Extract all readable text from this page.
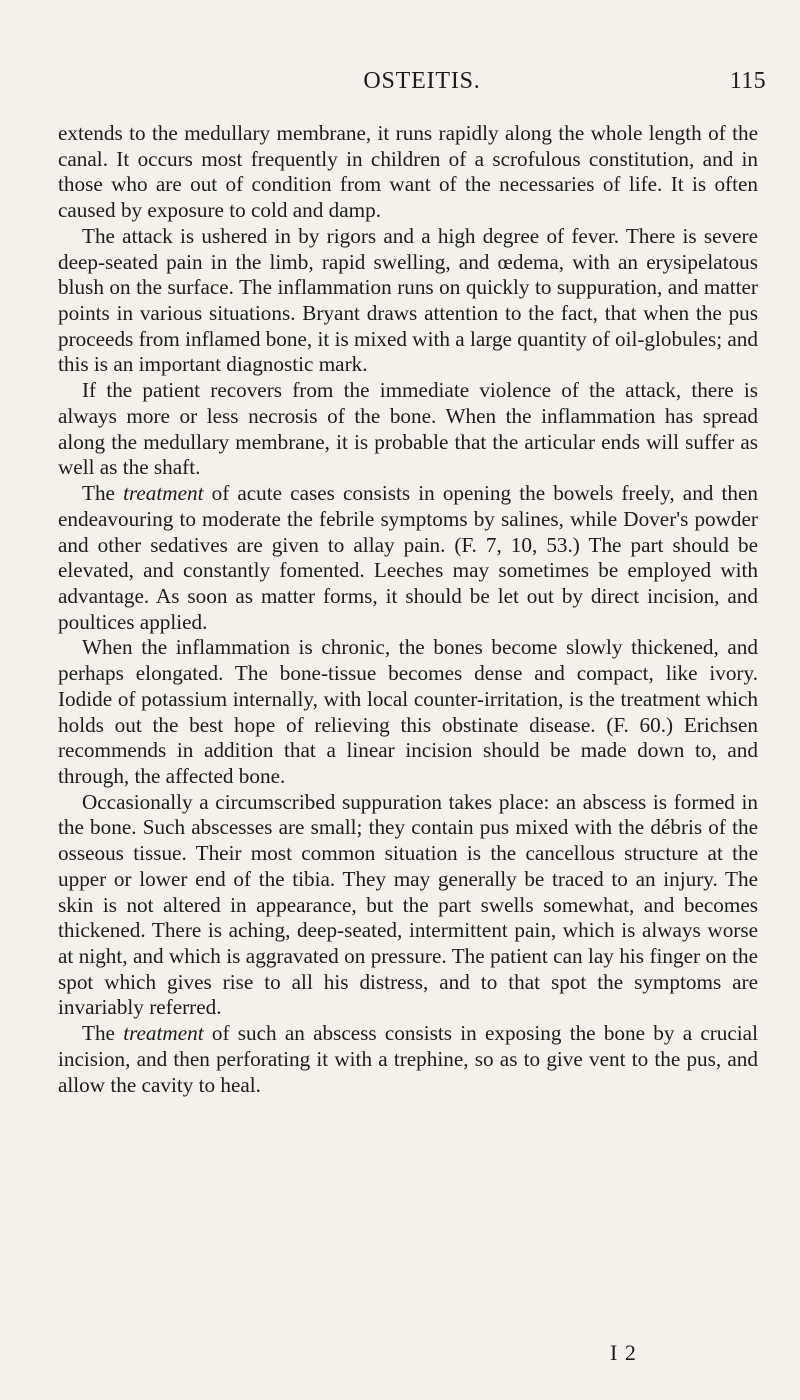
OSTEITIS.	115

extends to the medullary membrane, it runs rapidly along the whole length of the canal. It occurs most frequently in children of a scrofulous constitution, and in those who are out of condition from want of the necessaries of life. It is often caused by exposure to cold and damp.

The attack is ushered in by rigors and a high degree of fever. There is severe deep-seated pain in the limb, rapid swelling, and œdema, with an erysipelatous blush on the surface. The inflammation runs on quickly to suppuration, and matter points in various situations. Bryant draws attention to the fact, that when the pus proceeds from inflamed bone, it is mixed with a large quantity of oil-globules; and this is an important diagnostic mark.

If the patient recovers from the immediate violence of the attack, there is always more or less necrosis of the bone. When the inflammation has spread along the medullary membrane, it is probable that the articular ends will suffer as well as the shaft.

The treatment of acute cases consists in opening the bowels freely, and then endeavouring to moderate the febrile symptoms by salines, while Dover's powder and other sedatives are given to allay pain. (F. 7, 10, 53.) The part should be elevated, and constantly fomented. Leeches may sometimes be employed with advantage. As soon as matter forms, it should be let out by direct incision, and poultices applied.

When the inflammation is chronic, the bones become slowly thickened, and perhaps elongated. The bone-tissue becomes dense and compact, like ivory. Iodide of potassium internally, with local counter-irritation, is the treatment which holds out the best hope of relieving this obstinate disease. (F. 60.) Erichsen recommends in addition that a linear incision should be made down to, and through, the affected bone.

Occasionally a circumscribed suppuration takes place: an abscess is formed in the bone. Such abscesses are small; they contain pus mixed with the débris of the osseous tissue. Their most common situation is the cancellous structure at the upper or lower end of the tibia. They may generally be traced to an injury. The skin is not altered in appearance, but the part swells somewhat, and becomes thickened. There is aching, deep-seated, intermittent pain, which is always worse at night, and which is aggravated on pressure. The patient can lay his finger on the spot which gives rise to all his distress, and to that spot the symptoms are invariably referred.

The treatment of such an abscess consists in exposing the bone by a crucial incision, and then perforating it with a trephine, so as to give vent to the pus, and allow the cavity to heal.

I 2
